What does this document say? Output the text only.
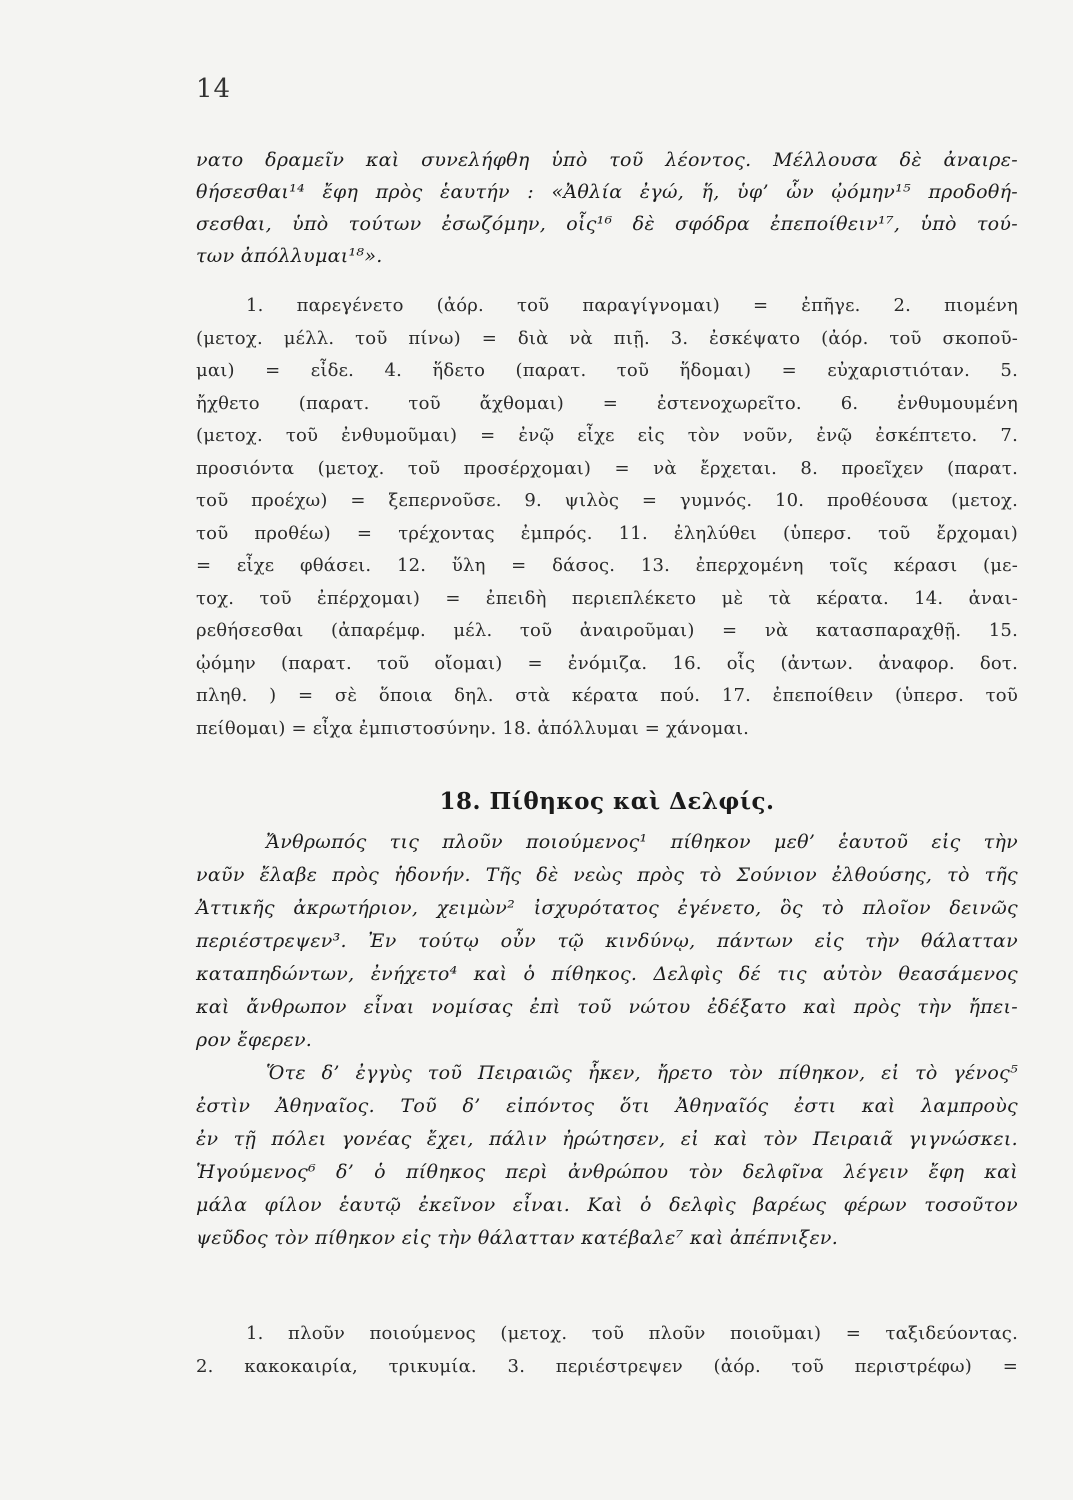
14
νατο δραμεῖν καὶ συνελήφθη ὑπὸ τοῦ λέοντος. Μέλλουσα δὲ ἀναιρε-
θήσεσθαι¹⁴ ἔφη πρὸς ἑαυτήν : «Ἀθλία ἐγώ, ἥ, ὑφ’ ὧν ᾠόμην¹⁵ προδοθή-
σεσθαι, ὑπὸ τούτων ἐσωζόμην, οἷς¹⁶ δὲ σφόδρα ἐπεποίθειν¹⁷, ὑπὸ τού-
των ἀπόλλυμαι¹⁸».
1. παρεγένετο (ἀόρ. τοῦ παραγίγνομαι) = ἐπῆγε. 2. πιομένη
(μετοχ. μέλλ. τοῦ πίνω) = διὰ νὰ πιῇ. 3. ἐσκέψατο (ἀόρ. τοῦ σκοποῦ-
μαι) = εἶδε. 4. ἥδετο (παρατ. τοῦ ἥδομαι) = εὐχαριστιόταν. 5.
ἤχθετο (παρατ. τοῦ ἄχθομαι) = ἐστενοχωρεῖτο. 6. ἐνθυμουμένη
(μετοχ. τοῦ ἐνθυμοῦμαι) = ἐνῷ εἶχε εἰς τὸν νοῦν, ἐνῷ ἐσκέπτετο. 7.
προσιόντα (μετοχ. τοῦ προσέρχομαι) = νὰ ἔρχεται. 8. προεῖχεν (παρατ.
τοῦ προέχω) = ξεπερνοῦσε. 9. ψιλὸς = γυμνός. 10. προθέουσα (μετοχ.
τοῦ προθέω) = τρέχοντας ἐμπρός. 11. ἐληλύθει (ὑπερσ. τοῦ ἔρχομαι)
= εἶχε φθάσει. 12. ὕλη = δάσος. 13. ἐπερχομένη τοῖς κέρασι (με-
τοχ. τοῦ ἐπέρχομαι) = ἐπειδὴ περιεπλέκετο μὲ τὰ κέρατα. 14. ἀναι-
ρεθήσεσθαι (ἀπαρέμφ. μέλ. τοῦ ἀναιροῦμαι) = νὰ κατασπαραχθῇ. 15.
ᾠόμην (παρατ. τοῦ οἴομαι) = ἐνόμιζα. 16. οἷς (ἀντων. ἀναφορ. δοτ.
πληθ. ) = σὲ ὅποια δηλ. στὰ κέρατα πού. 17. ἐπεποίθειν (ὑπερσ. τοῦ
πείθομαι) = εἶχα ἐμπιστοσύνην. 18. ἀπόλλυμαι = χάνομαι.
18. Πίθηκος καὶ Δελφίς.
Ἄνθρωπός τις πλοῦν ποιούμενος¹ πίθηκον μεθ’ ἑαυτοῦ εἰς τὴν
ναῦν ἔλαβε πρὸς ἡδονήν. Τῆς δὲ νεὼς πρὸς τὸ Σούνιον ἐλθούσης, τὸ τῆς
Ἀττικῆς ἀκρωτήριον, χειμὼν² ἰσχυρότατος ἐγένετο, ὃς τὸ πλοῖον δεινῶς
περιέστρεψεν³. Ἐν τούτῳ οὖν τῷ κινδύνῳ, πάντων εἰς τὴν θάλατταν
καταπηδώντων, ἐνήχετο⁴ καὶ ὁ πίθηκος. Δελφὶς δέ τις αὐτὸν θεασάμενος
καὶ ἄνθρωπον εἶναι νομίσας ἐπὶ τοῦ νώτου ἐδέξατο καὶ πρὸς τὴν ἤπει-
ρον ἔφερεν.
Ὅτε δ’ ἐγγὺς τοῦ Πειραιῶς ἧκεν, ἤρετο τὸν πίθηκον, εἰ τὸ γένος⁵
ἐστὶν Ἀθηναῖος. Τοῦ δ’ εἰπόντος ὅτι Ἀθηναῖός ἐστι καὶ λαμπροὺς
ἐν τῇ πόλει γονέας ἔχει, πάλιν ἠρώτησεν, εἰ καὶ τὸν Πειραιᾶ γιγνώσκει.
Ἡγούμενος⁶ δ’ ὁ πίθηκος περὶ ἀνθρώπου τὸν δελφῖνα λέγειν ἔφη καὶ
μάλα φίλον ἑαυτῷ ἐκεῖνον εἶναι. Καὶ ὁ δελφὶς βαρέως φέρων τοσοῦτον
ψεῦδος τὸν πίθηκον εἰς τὴν θάλατταν κατέβαλε⁷ καὶ ἀπέπνιξεν.
1. πλοῦν ποιούμενος (μετοχ. τοῦ πλοῦν ποιοῦμαι) = ταξιδεύοντας.
2. κακοκαιρία, τρικυμία. 3. περιέστρεψεν (ἀόρ. τοῦ περιστρέφω) =
